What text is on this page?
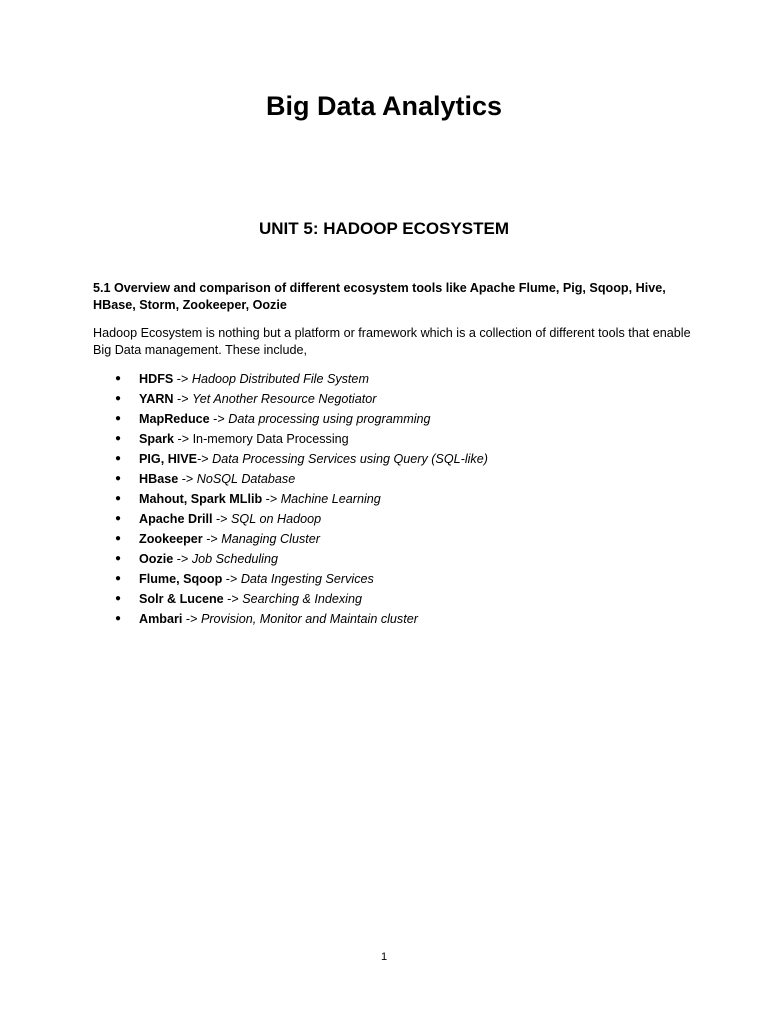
Big Data Analytics
UNIT 5: HADOOP ECOSYSTEM
5.1 Overview and comparison of different ecosystem tools like Apache Flume, Pig, Sqoop, Hive, HBase, Storm, Zookeeper, Oozie
Hadoop Ecosystem is nothing but a platform or framework which is a collection of different tools that enable Big Data management. These include,
● HDFS -> Hadoop Distributed File System
● YARN -> Yet Another Resource Negotiator
● MapReduce -> Data processing using programming
● Spark -> In-memory Data Processing
● PIG, HIVE-> Data Processing Services using Query (SQL-like)
● HBase -> NoSQL Database
● Mahout, Spark MLlib -> Machine Learning
● Apache Drill -> SQL on Hadoop
● Zookeeper -> Managing Cluster
● Oozie -> Job Scheduling
● Flume, Sqoop -> Data Ingesting Services
● Solr & Lucene -> Searching & Indexing
● Ambari -> Provision, Monitor and Maintain cluster
1
